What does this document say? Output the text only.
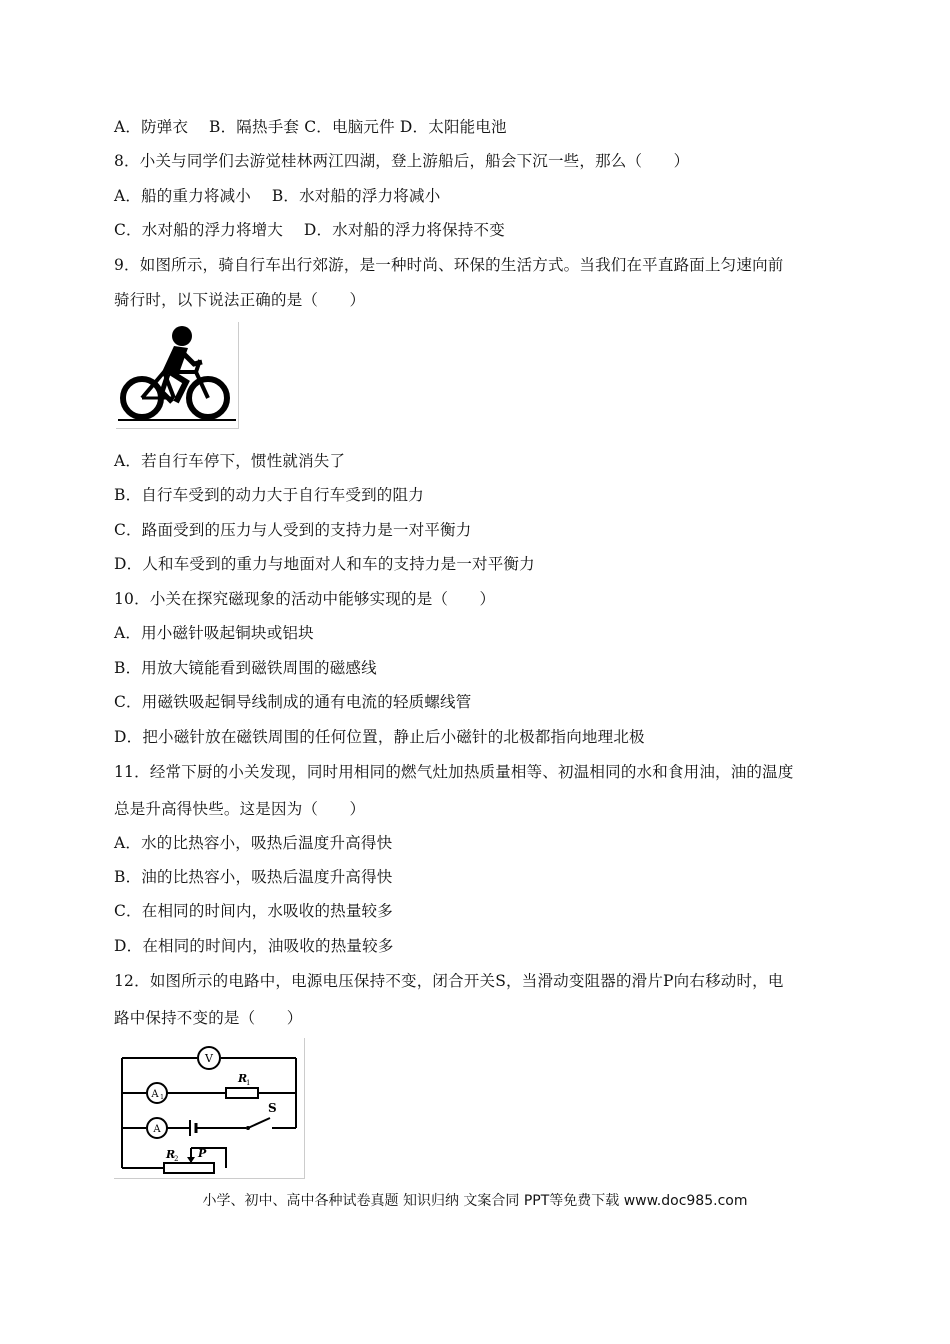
A．防弹衣　 B．隔热手套 C．电脑元件 D．太阳能电池
8．小关与同学们去游觉桂林两江四湖，登上游船后，船会下沉一些，那么（　　）
A．船的重力将减小　 B．水对船的浮力将减小
C．水对船的浮力将增大　 D．水对船的浮力将保持不变
9．如图所示，骑自行车出行郊游，是一种时尚、环保的生活方式。当我们在平直路面上匀速向前
骑行时，以下说法正确的是（　　）
A．若自行车停下，惯性就消失了
B．自行车受到的动力大于自行车受到的阻力
C．路面受到的压力与人受到的支持力是一对平衡力
D．人和车受到的重力与地面对人和车的支持力是一对平衡力
10．小关在探究磁现象的活动中能够实现的是（　　）
A．用小磁针吸起铜块或铝块
B．用放大镜能看到磁铁周围的磁感线
C．用磁铁吸起铜导线制成的通有电流的轻质螺线管
D．把小磁针放在磁铁周围的任何位置，静止后小磁针的北极都指向地理北极
11．经常下厨的小关发现，同时用相同的燃气灶加热质量相等、初温相同的水和食用油，油的温度
总是升高得快些。这是因为（　　）
A．水的比热容小，吸热后温度升高得快
B．油的比热容小，吸热后温度升高得快
C．在相同的时间内，水吸收的热量较多
D．在相同的时间内，油吸收的热量较多
12．如图所示的电路中，电源电压保持不变，闭合开关S，当滑动变阻器的滑片P向右移动时，电
路中保持不变的是（　　）
V
A 1
R
1
A
S
R
2 P
小学、初中、高中各种试卷真题 知识归纳 文案合同 PPT等免费下载 www.doc985.com
